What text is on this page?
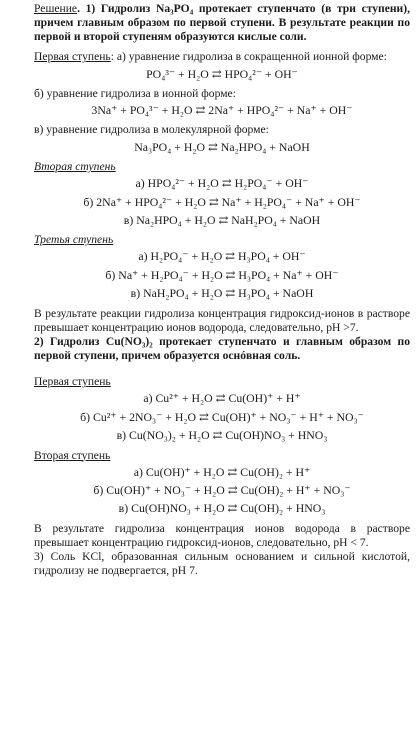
Решение. 1) Гидролиз Na₃PO₄ протекает ступенчато (в три ступени), причем главным образом по первой ступени. В результате реакции по первой и второй ступеням образуются кислые соли.

Первая ступень: а) уравнение гидролиза в сокращенной ионной форме:

PO₄³⁻ + H₂O ⇄ HPO₄²⁻ + OH⁻

б) уравнение гидролиза в ионной форме:

3Na⁺ + PO₄³⁻ + H₂O ⇄ 2Na⁺ + HPO₄²⁻ + Na⁺ + OH⁻

в) уравнение гидролиза в молекулярной форме:

Na₃PO₄ + H₂O ⇄ Na₂HPO₄ + NaOH

Вторая ступень

а) HPO₄²⁻ + H₂O ⇄ H₂PO₄⁻ + OH⁻

б) 2Na⁺ + HPO₄²⁻ + H₂O ⇄ Na⁺ + H₂PO₄⁻ + Na⁺ + OH⁻

в) Na₂HPO₄ + H₂O ⇄ NaH₂PO₄ + NaOH

Третья ступень

а) H₂PO₄⁻ + H₂O ⇄ H₃PO₄ + OH⁻

б) Na⁺ + H₂PO₄⁻ + H₂O ⇄ H₃PO₄ + Na⁺ + OH⁻

в) NaH₂PO₄ + H₂O ⇄ H₃PO₄ + NaOH

В результате реакции гидролиза концентрация гидроксид-ионов в растворе превышает концентрацию ионов водорода, следовательно, pH >7.

2) Гидролиз Cu(NO₃)₂ протекает ступенчато и главным образом по первой ступени, причем образуется оснóвная соль.

Первая ступень

а) Cu²⁺ + H₂O ⇄ Cu(OH)⁺ + H⁺

б) Cu²⁺ + 2NO₃⁻ + H₂O ⇄ Cu(OH)⁺ + NO₃⁻ + H⁺ + NO₃⁻

в) Cu(NO₃)₂ + H₂O ⇄ Cu(OH)NO₃ + HNO₃

Вторая ступень

а) Cu(OH)⁺ + H₂O ⇄ Cu(OH)₂ + H⁺

б) Cu(OH)⁺ + NO₃⁻ + H₂O ⇄ Cu(OH)₂ + H⁺ + NO₃⁻

в) Cu(OH)NO₃ + H₂O ⇄ Cu(OH)₂ + HNO₃

В результате гидролиза концентрация ионов водорода в растворе превышает концентрацию гидроксид-ионов, следовательно, pH < 7.

3) Соль KCl, образованная сильным основанием и сильной кислотой, гидролизу не подвергается, pH 7.
